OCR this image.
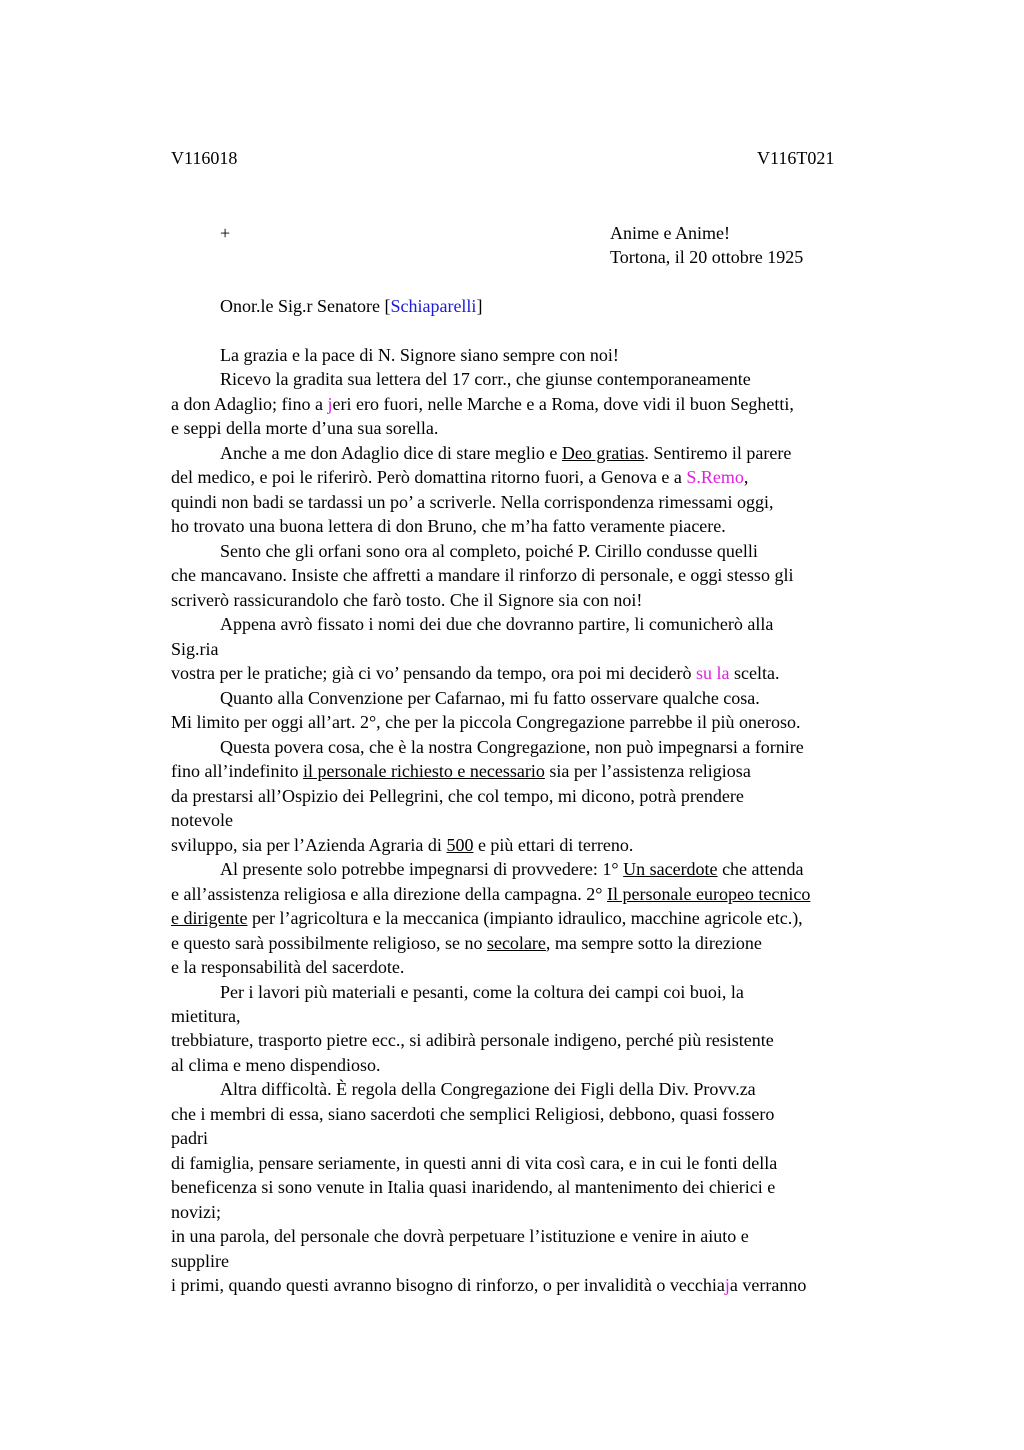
V116018	V116T021
+	Anime e Anime!
Tortona, il 20 ottobre 1925
Onor.le Sig.r Senatore [Schiaparelli]
La grazia e la pace di N. Signore siano sempre con noi!
Ricevo la gradita sua lettera del 17 corr., che giunse contemporaneamente
a don Adaglio; fino a jeri ero fuori, nelle Marche e a Roma, dove vidi il buon Seghetti,
e seppi della morte d’una sua sorella.
Anche a me don Adaglio dice di stare meglio e Deo gratias. Sentiremo il parere
del medico, e poi le riferirò. Però domattina ritorno fuori, a Genova e a S.Remo,
quindi non badi se tardassi un po’ a scriverle. Nella corrispondenza rimessami oggi,
ho trovato una buona lettera di don Bruno, che m’ha fatto veramente piacere.
Sento che gli orfani sono ora al completo, poiché P. Cirillo condusse quelli
che mancavano. Insiste che affretti a mandare il rinforzo di personale, e oggi stesso gli
scriverò rassicurandolo che farò tosto. Che il Signore sia con noi!
Appena avrò fissato i nomi dei due che dovranno partire, li comunicherò alla
Sig.ria
vostra per le pratiche; già ci vo’ pensando da tempo, ora poi mi deciderò su la scelta.
Quanto alla Convenzione per Cafarnao, mi fu fatto osservare qualche cosa.
Mi limito per oggi all’art. 2°, che per la piccola Congregazione parrebbe il più oneroso.
Questa povera cosa, che è la nostra Congregazione, non può impegnarsi a fornire
fino all’indefinito il personale richiesto e necessario sia per l’assistenza religiosa
da prestarsi all’Ospizio dei Pellegrini, che col tempo, mi dicono, potrà prendere
notevole
sviluppo, sia per l’Azienda Agraria di 500 e più ettari di terreno.
Al presente solo potrebbe impegnarsi di provvedere: 1° Un sacerdote che attenda
e all’assistenza religiosa e alla direzione della campagna. 2° Il personale europeo tecnico
e dirigente per l’agricoltura e la meccanica (impianto idraulico, macchine agricole etc.),
e questo sarà possibilmente religioso, se no secolare, ma sempre sotto la direzione
e la responsabilità del sacerdote.
Per i lavori più materiali e pesanti, come la coltura dei campi coi buoi, la
mietitura,
trebbiature, trasporto pietre ecc., si adibirà personale indigeno, perché più resistente
al clima e meno dispendioso.
Altra difficoltà. È regola della Congregazione dei Figli della Div. Provv.za
che i membri di essa, siano sacerdoti che semplici Religiosi, debbono, quasi fossero
padri
di famiglia, pensare seriamente, in questi anni di vita così cara, e in cui le fonti della
beneficenza si sono venute in Italia quasi inaridendo, al mantenimento dei chierici e
novizi;
in una parola, del personale che dovrà perpetuare l’istituzione e venire in aiuto e
supplire
i primi, quando questi avranno bisogno di rinforzo, o per invalidità o vecchiaja verranno
